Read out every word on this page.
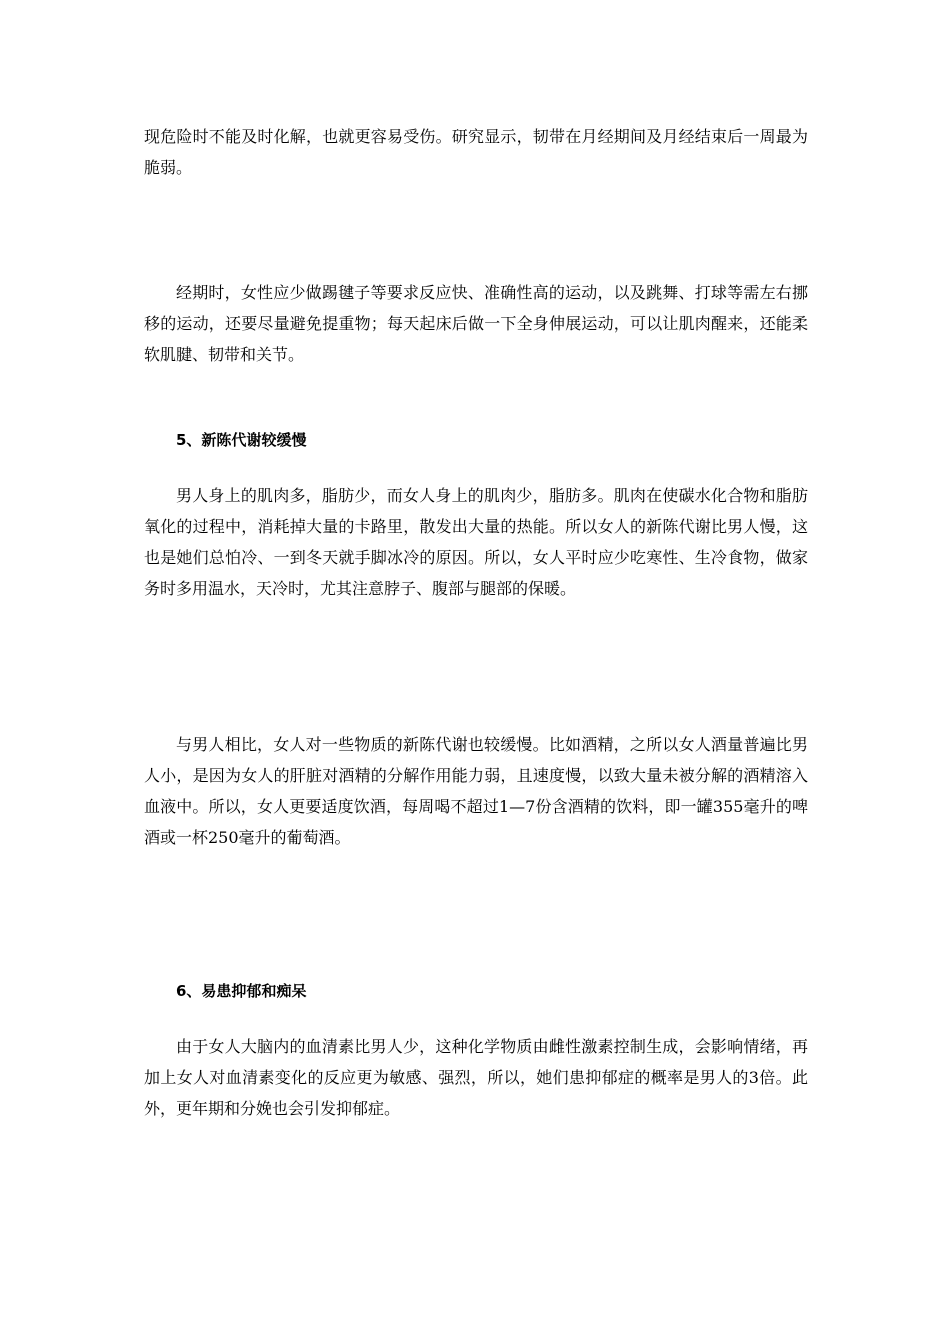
现危险时不能及时化解，也就更容易受伤。研究显示，韧带在月经期间及月经结束后一周最为脆弱。

经期时，女性应少做踢毽子等要求反应快、准确性高的运动，以及跳舞、打球等需左右挪移的运动，还要尽量避免提重物；每天起床后做一下全身伸展运动，可以让肌肉醒来，还能柔软肌腱、韧带和关节。

5、新陈代谢较缓慢

男人身上的肌肉多，脂肪少，而女人身上的肌肉少，脂肪多。肌肉在使碳水化合物和脂肪氧化的过程中，消耗掉大量的卡路里，散发出大量的热能。所以女人的新陈代谢比男人慢，这也是她们总怕冷、一到冬天就手脚冰冷的原因。所以，女人平时应少吃寒性、生冷食物，做家务时多用温水，天冷时，尤其注意脖子、腹部与腿部的保暖。

与男人相比，女人对一些物质的新陈代谢也较缓慢。比如酒精，之所以女人酒量普遍比男人小，是因为女人的肝脏对酒精的分解作用能力弱，且速度慢，以致大量未被分解的酒精溶入血液中。所以，女人更要适度饮酒，每周喝不超过1—7份含酒精的饮料，即一罐355毫升的啤酒或一杯250毫升的葡萄酒。

6、易患抑郁和痴呆

由于女人大脑内的血清素比男人少，这种化学物质由雌性激素控制生成，会影响情绪，再加上女人对血清素变化的反应更为敏感、强烈，所以，她们患抑郁症的概率是男人的3倍。此外，更年期和分娩也会引发抑郁症。
